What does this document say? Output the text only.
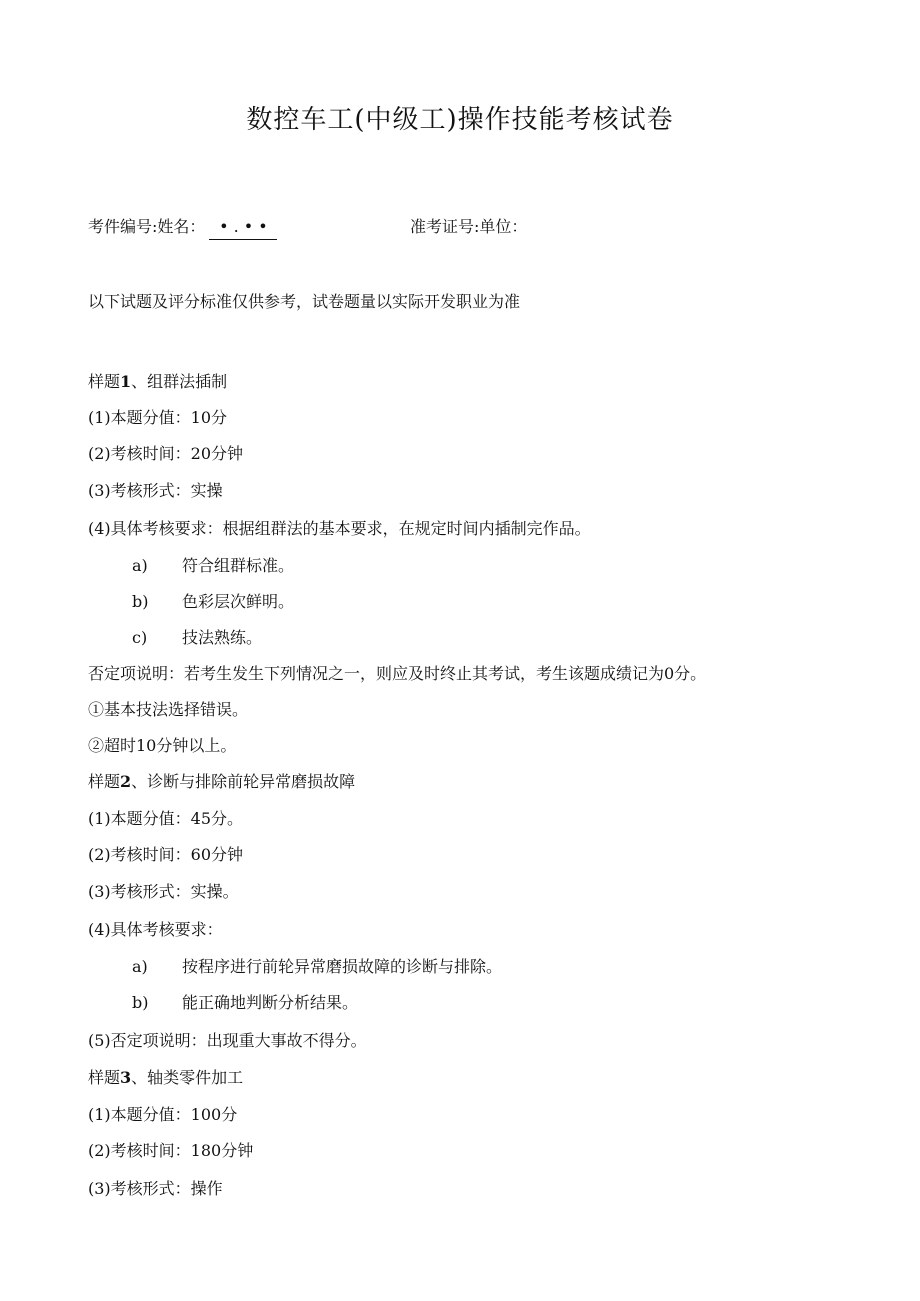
数控车工(中级工)操作技能考核试卷
考件编号:姓名： • . • •	准考证号:单位：
以下试题及评分标准仅供参考，试卷题量以实际开发职业为准
样题1、组群法插制
(1)本题分值：10分
(2)考核时间：20分钟
(3)考核形式：实操
(4)具体考核要求：根据组群法的基本要求，在规定时间内插制完作品。
a) 符合组群标准。
b) 色彩层次鲜明。
c) 技法熟练。
否定项说明：若考生发生下列情况之一，则应及时终止其考试，考生该题成绩记为0分。
①基本技法选择错误。
②超时10分钟以上。
样题2、诊断与排除前轮异常磨损故障
(1)本题分值：45分。
(2)考核时间：60分钟
(3)考核形式：实操。
(4)具体考核要求：
a) 按程序进行前轮异常磨损故障的诊断与排除。
b) 能正确地判断分析结果。
(5)否定项说明：出现重大事故不得分。
样题3、轴类零件加工
(1)本题分值：100分
(2)考核时间：180分钟
(3)考核形式：操作
